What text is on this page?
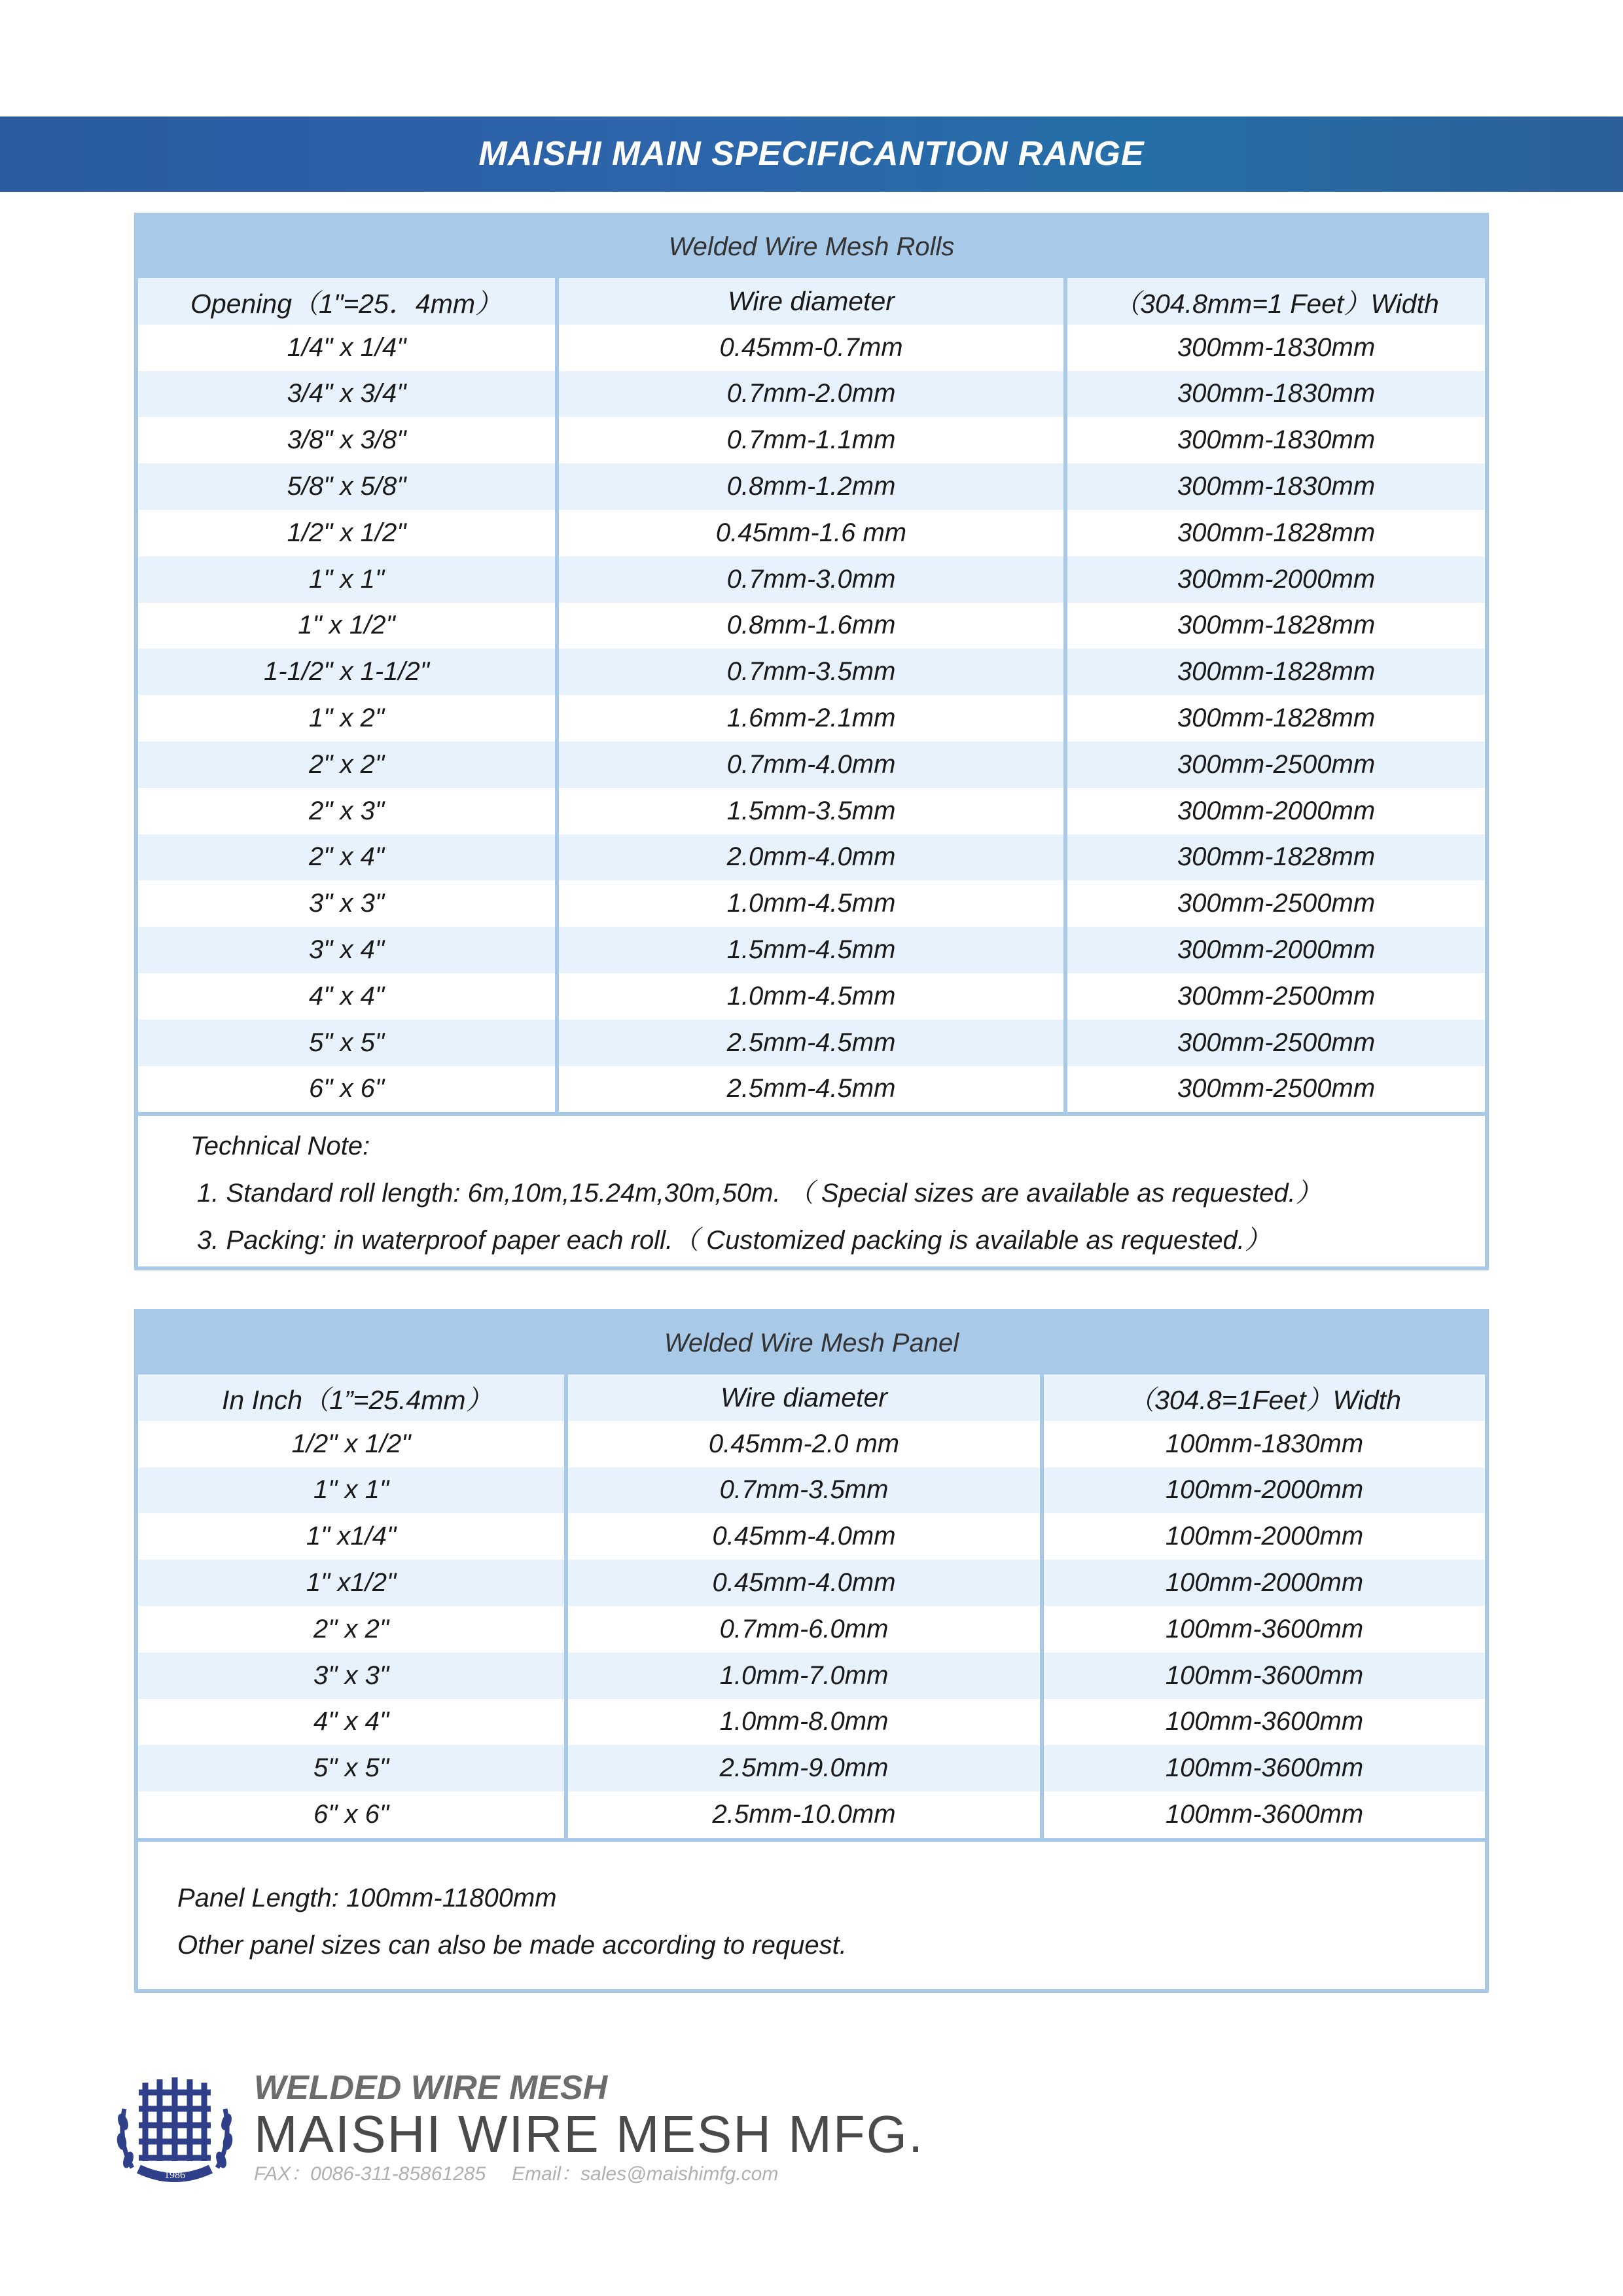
MAISHI MAIN SPECIFICANTION RANGE
Welded Wire Mesh Rolls
Opening（1"=25．4mm）	Wire diameter	（304.8mm=1 Feet）Width
1/4" x 1/4"	0.45mm-0.7mm	300mm-1830mm
3/4" x 3/4"	0.7mm-2.0mm	300mm-1830mm
3/8" x 3/8"	0.7mm-1.1mm	300mm-1830mm
5/8" x 5/8"	0.8mm-1.2mm	300mm-1830mm
1/2" x 1/2"	0.45mm-1.6 mm	300mm-1828mm
1" x 1"	0.7mm-3.0mm	300mm-2000mm
1" x 1/2"	0.8mm-1.6mm	300mm-1828mm
1-1/2" x 1-1/2"	0.7mm-3.5mm	300mm-1828mm
1" x 2"	1.6mm-2.1mm	300mm-1828mm
2" x 2"	0.7mm-4.0mm	300mm-2500mm
2" x 3"	1.5mm-3.5mm	300mm-2000mm
2" x 4"	2.0mm-4.0mm	300mm-1828mm
3" x 3"	1.0mm-4.5mm	300mm-2500mm
3" x 4"	1.5mm-4.5mm	300mm-2000mm
4" x 4"	1.0mm-4.5mm	300mm-2500mm
5" x 5"	2.5mm-4.5mm	300mm-2500mm
6" x 6"	2.5mm-4.5mm	300mm-2500mm
Technical Note:
1. Standard roll length: 6m,10m,15.24m,30m,50m. （ Special sizes are available as requested.）
3. Packing: in waterproof paper each roll.（ Customized packing is available as requested.）
Welded Wire Mesh Panel
In Inch（1”=25.4mm）	Wire diameter	（304.8=1Feet）Width
1/2" x 1/2"	0.45mm-2.0 mm	100mm-1830mm
1" x 1"	0.7mm-3.5mm	100mm-2000mm
1" x1/4"	0.45mm-4.0mm	100mm-2000mm
1" x1/2"	0.45mm-4.0mm	100mm-2000mm
2" x 2"	0.7mm-6.0mm	100mm-3600mm
3" x 3"	1.0mm-7.0mm	100mm-3600mm
4" x 4"	1.0mm-8.0mm	100mm-3600mm
5" x 5"	2.5mm-9.0mm	100mm-3600mm
6" x 6"	2.5mm-10.0mm	100mm-3600mm
Panel Length: 100mm-11800mm
Other panel sizes can also be made according to request.
1986
WELDED WIRE MESH
MAISHI WIRE MESH MFG.
FAX：0086-311-85861285 Email：sales@maishimfg.com
